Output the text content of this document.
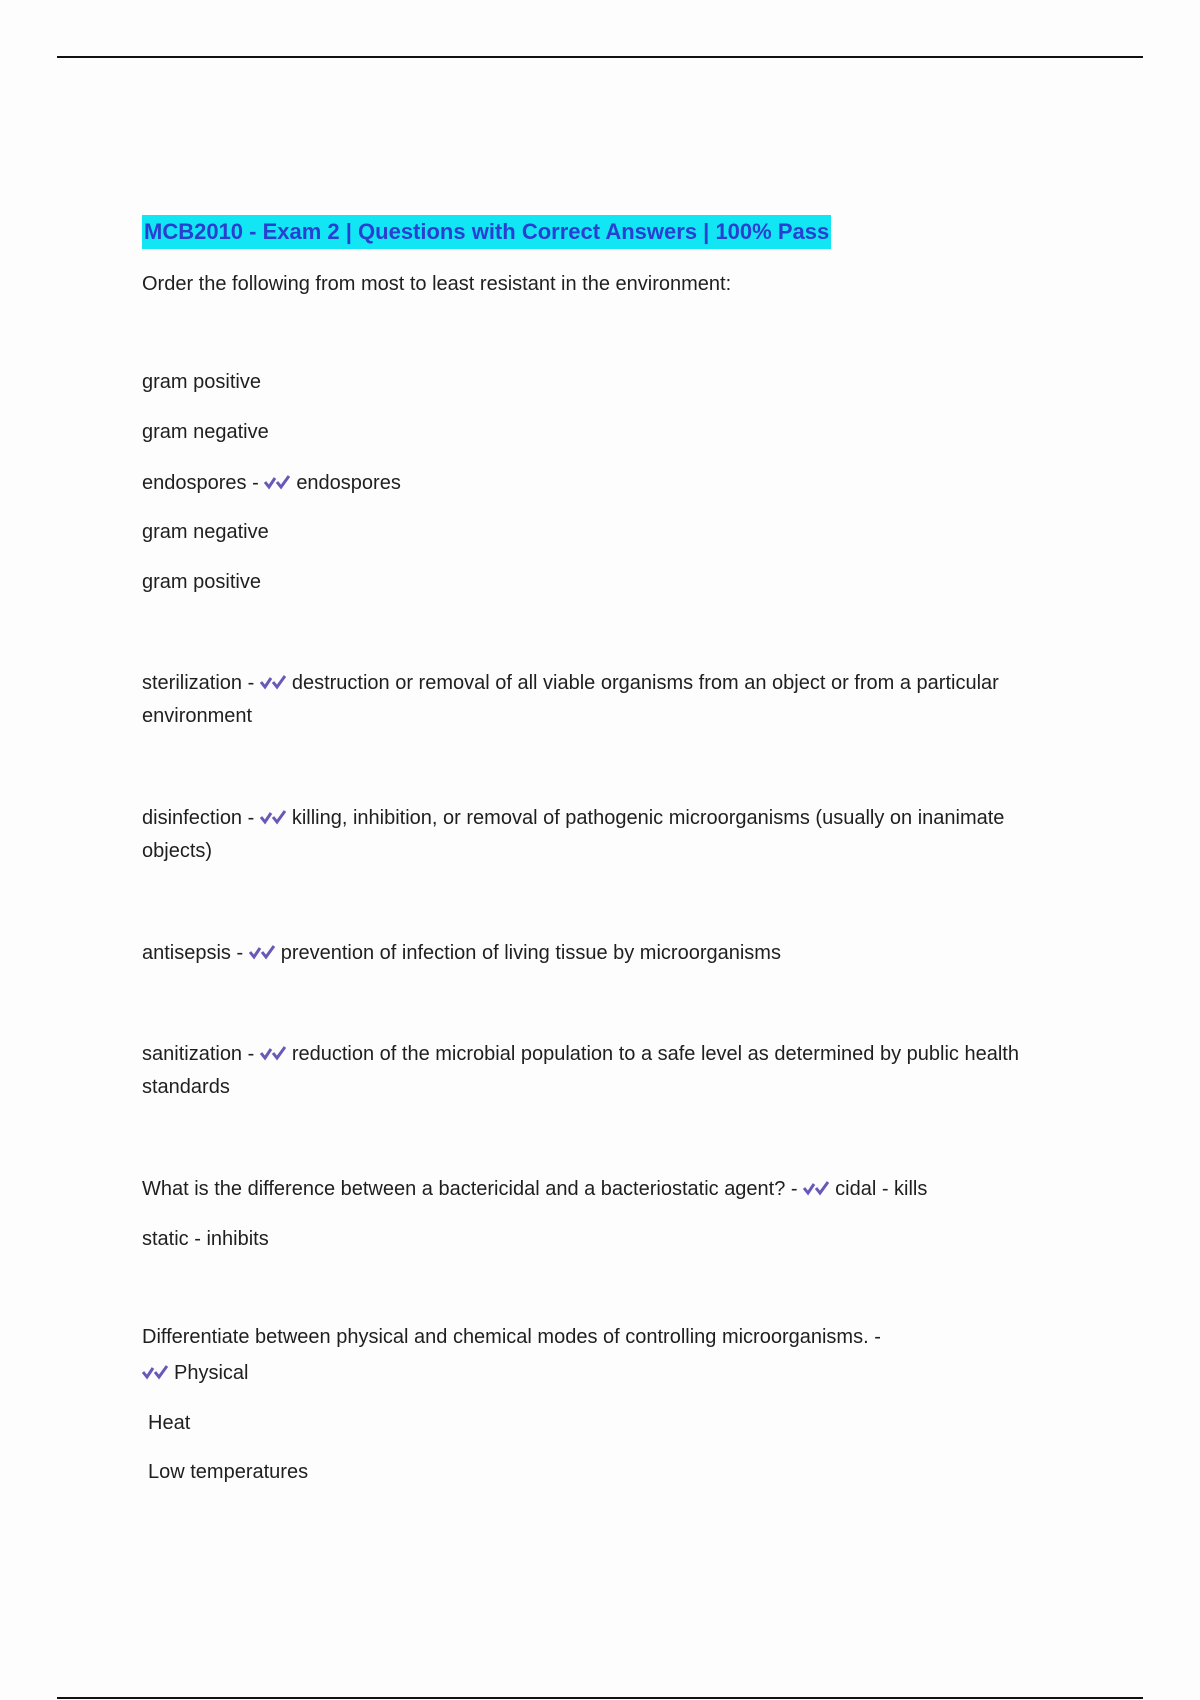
MCB2010 - Exam 2 | Questions with Correct Answers | 100% Pass
Order the following from most to least resistant in the environment:
gram positive
gram negative
endospores - endospores
gram negative
gram positive
sterilization - destruction or removal of all viable organisms from an object or from a particular environment
disinfection - killing, inhibition, or removal of pathogenic microorganisms (usually on inanimate objects)
antisepsis - prevention of infection of living tissue by microorganisms
sanitization - reduction of the microbial population to a safe level as determined by public health standards
What is the difference between a bactericidal and a bacteriostatic agent? - cidal - kills
static - inhibits
Differentiate between physical and chemical modes of controlling microorganisms. -
Physical
Heat
Low temperatures
